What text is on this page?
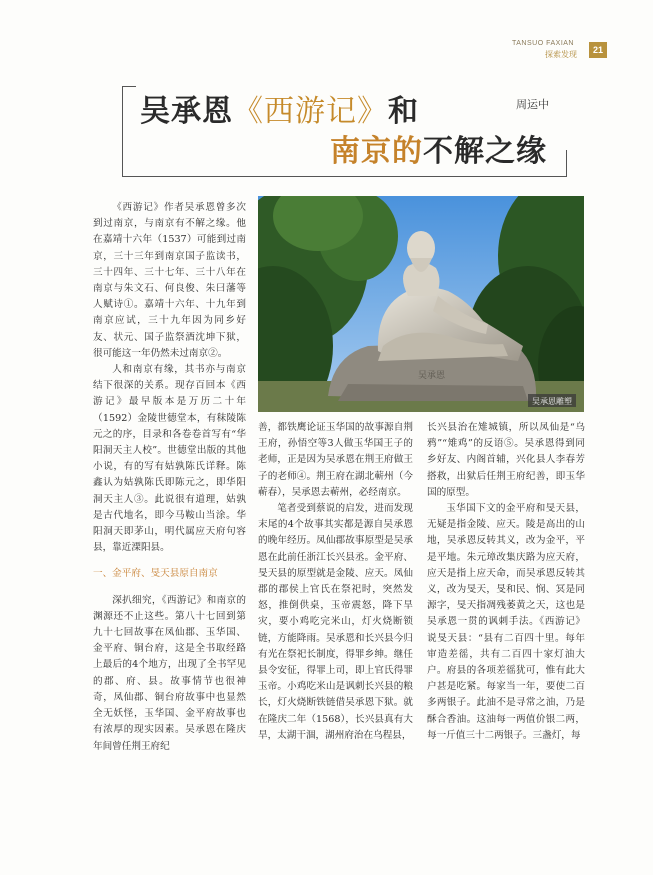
TANSUO FAXIAN
探索发现	21
吴承恩《西游记》和
南京的不解之缘
周运中
吴承恩
吴承恩雕塑

《西游记》作者吴承恩曾多次到过南京，与南京有不解之缘。他在嘉靖十六年（1537）可能到过南京，三十三年到南京国子监读书，三十四年、三十七年、三十八年在南京与朱文石、何良俊、朱曰藩等人赋诗①。嘉靖十六年、十九年到南京应试，三十九年因为同乡好友、状元、国子监祭酒沈坤下狱，很可能这一年仍然未过南京②。

人和南京有缘，其书亦与南京结下很深的关系。现存百回本《西游记》最早版本是万历二十年（1592）金陵世德堂本，有秣陵陈元之的序，目录和各卷卷首写有“华阳洞天主人校”。世德堂出版的其他小说，有的写有姑孰陈氏详释。陈鑫认为姑孰陈氏即陈元之，即华阳洞天主人③。此说很有道理，姑孰是古代地名，即今马鞍山当涂。华阳洞天即茅山，明代属应天府句容县，靠近溧阳县。

一、金平府、旻天县原自南京

深扒细究，《西游记》和南京的渊源还不止这些。第八十七回到第九十七回故事在凤仙郡、玉华国、金平府、铜台府，这是全书取经路上最后的4个地方，出现了全书罕见的郡、府、县。故事情节也很神奇，凤仙郡、铜台府故事中也显然全无妖怪，玉华国、金平府故事也有浓厚的现实因素。吴承恩在隆庆年间曾任荆王府纪

善，都铁鹰论证玉华国的故事源自荆王府，孙悟空等3人做玉华国王子的老师，正是因为吴承恩在荆王府做王子的老师④。荆王府在湖北蕲州（今蕲春），吴承恩去蕲州，必经南京。

笔者受到蔡说的启发，进而发现末尾的4个故事其实都是源自吴承恩的晚年经历。凤仙郡故事原型是吴承恩在此前任浙江长兴县丞。金平府、旻天县的原型就是金陵、应天。凤仙郡的郡侯上官氏在祭祀时，突然发怒，推倒供桌，玉帝震怒，降下旱灾，要小鸡吃完米山，灯火烧断锁链，方能降雨。吴承恩和长兴县今归有光在祭祀长制度，得罪乡绅。继任县令安征，得罪上司，即上官氏得罪玉帝。小鸡吃米山是讽刺长兴县的粮长，灯火烧断铁链借吴承恩下狱。就在隆庆二年（1568），长兴县真有大旱，太湖干涸，湖州府治在乌程县，

长兴县治在雉城镇，所以凤仙是“乌鸦”“雉鸡”的反语⑤。吴承恩得到同乡好友、内阁首辅，兴化县人李春芳搭救，出狱后任荆王府纪善，即玉华国的原型。

玉华国下文的金平府和旻天县，无疑是指金陵、应天。陵是高出的山地，吴承恩反转其义，改为金平，平是平地。朱元璋改集庆路为应天府，应天是指上应天命，而吴承恩反转其义，改为旻天，旻和民、悯、冥是同源字，旻天指凋残萎黄之天，这也是吴承恩一贯的讽刺手法。《西游记》说旻天县：“县有二百四十里。每年审造差徭，共有二百四十家灯油大户。府县的各项差徭犹可，惟有此大户甚是吃紧。每家当一年，要使二百多两银子。此油不是寻常之油，乃是酥合香油。这油每一两值价银二两，每一斤值三十二两银子。三盏灯，每
